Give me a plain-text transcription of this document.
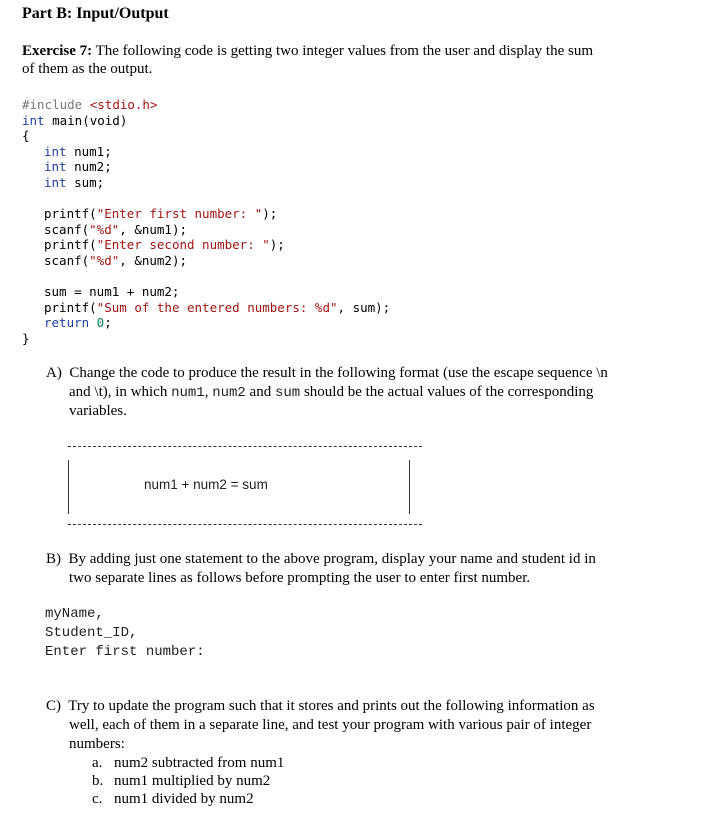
Part B: Input/Output
Exercise 7: The following code is getting two integer values from the user and display the sum
of them as the output.
#include <stdio.h>
int main(void)
{
int num1;
int num2;
int sum;
printf("Enter first number: ");
scanf("%d", &num1);
printf("Enter second number: ");
scanf("%d", &num2);
sum = num1 + num2;
printf("Sum of the entered numbers: %d", sum);
return 0;
}
A)  Change the code to produce the result in the following format (use the escape sequence \n
and \t), in which num1, num2 and sum should be the actual values of the corresponding
variables.
num1 + num2 = sum
B)  By adding just one statement to the above program, display your name and student id in
two separate lines as follows before prompting the user to enter first number.
myName,
Student_ID,
Enter first number:
C)  Try to update the program such that it stores and prints out the following information as
well, each of them in a separate line, and test your program with various pair of integer
numbers:
a. num2 subtracted from num1
b. num1 multiplied by num2
c. num1 divided by num2
